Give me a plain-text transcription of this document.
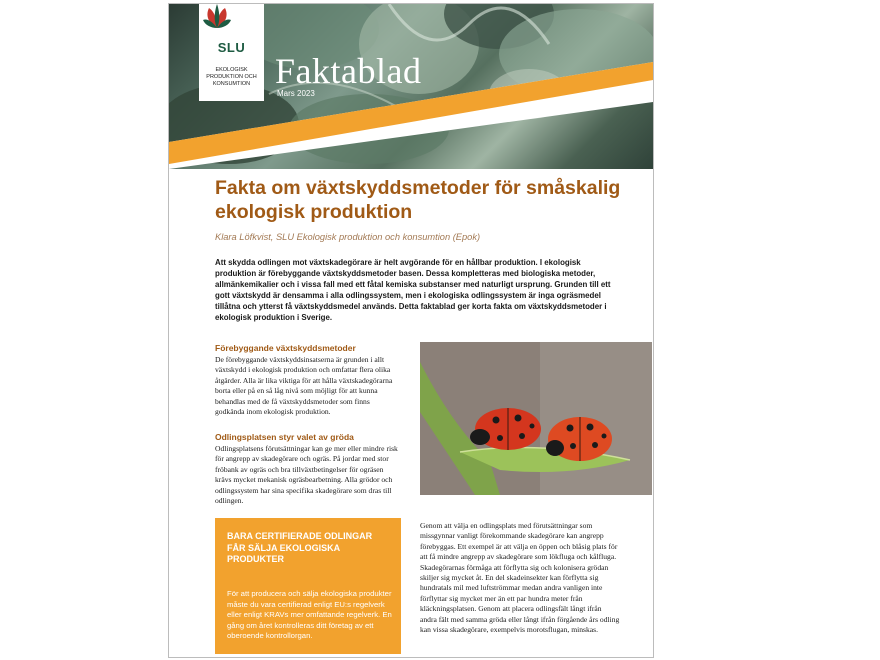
SLU
EKOLOGISK PRODUKTION OCH KONSUMTION Faktablad
Mars 2023
Fakta om växtskyddsmetoder för småskalig ekologisk produktion
Klara Löfkvist, SLU Ekologisk produktion och konsumtion (Epok)
Att skydda odlingen mot växtskadegörare är helt avgörande för en hållbar produktion. I ekologisk produktion är förebyggande växtskyddsmetoder basen. Dessa kompletteras med biologiska metoder, allmänkemikalier och i vissa fall med ett fåtal kemiska substanser med naturligt ursprung. Grunden till ett gott växtskydd är densamma i alla odlingssystem, men i ekologiska odlingssystem är inga ogräsmedel tillåtna och ytterst få växtskyddsmedel används. Detta faktablad ger korta fakta om växtskyddsmetoder i ekologisk produktion i Sverige.
Förebyggande växtskyddsmetoder
De förebyggande växtskyddsinsatserna är grunden i allt växtskydd i ekologisk produktion och omfattar flera olika åtgärder. Alla är lika viktiga för att hålla växtskadegörarna borta eller på en så låg nivå som möjligt för att kunna behandlas med de få växtskyddsmetoder som finns godkända inom ekologisk produktion.
Odlingsplatsen styr valet av gröda
Odlingsplatsens förutsättningar kan ge mer eller mindre risk för angrepp av skadegörare och ogräs. På jordar med stor fröbank av ogräs och bra tillväxtbetingelser för ogräsen krävs mycket mekanisk ogräsbearbetning. Alla grödor och odlingssystem har sina specifika skadegörare som dras till odlingen.
BARA CERTIFIERADE ODLINGAR FÅR SÄLJA EKOLOGISKA PRODUKTER
För att producera och sälja ekologiska produkter måste du vara certifierad enligt EU:s regelverk eller enligt KRAVs mer omfattande regelverk. En gång om året kontrolleras ditt företag av ett oberoende kontrollorgan.
Genom att välja en odlingsplats med förutsättningar som missgynnar vanligt förekommande skadegörare kan angrepp förebyggas. Ett exempel är att välja en öppen och blåsig plats för att få mindre angrepp av skadegörare som lökfluga och kålfluga. Skadegörarnas förmåga att förflytta sig och kolonisera grödan skiljer sig mycket åt. En del skadeinsekter kan förflytta sig hundratals mil med luftströmmar medan andra vanligen inte förflyttar sig mycket mer än ett par hundra meter från kläckningsplatsen. Genom att placera odlingsfält långt ifrån andra fält med samma gröda eller långt ifrån förgående års odling kan vissa skadegörare, exempelvis morotsflugan, minskas.
